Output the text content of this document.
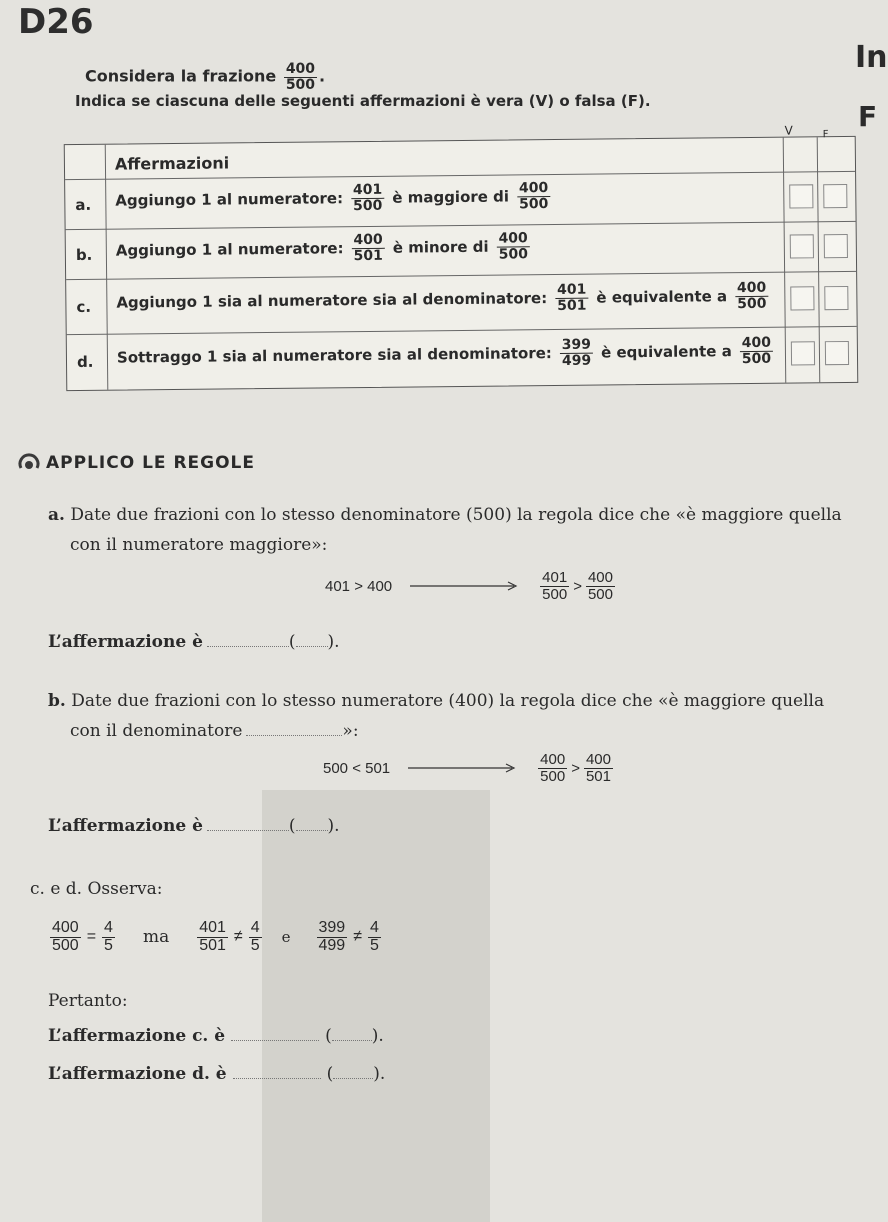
D26
In
F
Considera la frazione $\frac{400}{500}$ .
Indica se ciascuna delle seguenti affermazioni è vera (V) o falsa (F).
Affermazioni
V	F
a. Aggiungo 1 al numeratore: $\frac{401}{500}$ è maggiore di $\frac{400}{500}$
b. Aggiungo 1 al numeratore: $\frac{400}{501}$ è minore di $\frac{400}{500}$
c. Aggiungo 1 sia al numeratore sia al denominatore: $\frac{401}{501}$ è equivalente a $\frac{400}{500}$
d. Sottraggo 1 sia al numeratore sia al denominatore: $\frac{399}{499}$ è equivalente a $\frac{400}{500}$
APPLICO LE REGOLE
a. Date due frazioni con lo stesso denominatore (500) la regola dice che «è maggiore quella
con il numeratore maggiore»:
401 > 400	$\frac{401}{500} > \frac{400}{500}$
L’affermazione è	( ).
b. Date due frazioni con lo stesso numeratore (400) la regola dice che «è maggiore quella
con il denominatore	»:
500 < 501	$\frac{400}{500} > \frac{400}{501}$
L’affermazione è	( ).
c. e d. Osserva:
$\frac{400}{500} = \frac{4}{5}$ ma $\frac{401}{501} \ne \frac{4}{5}$ e $\frac{399}{499} \ne \frac{4}{5}$
Pertanto:
L’affermazione c. è	( ).
L’affermazione d. è	( ).
